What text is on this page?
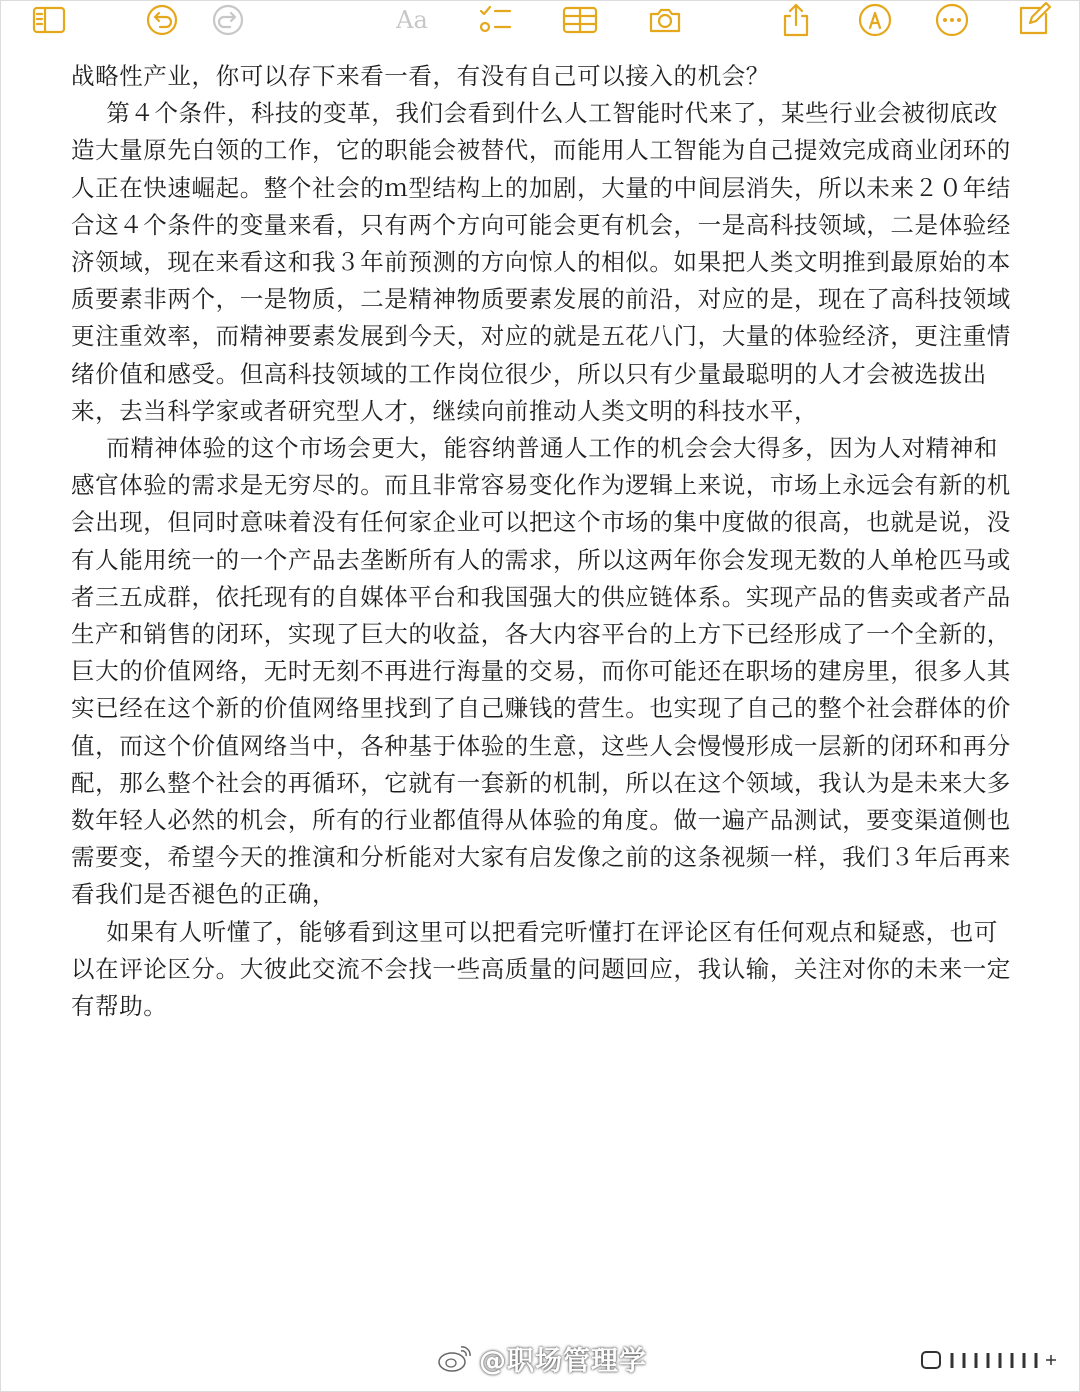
Aa

战略性产业，你可以存下来看一看，有没有自己可以接入的机会？

第４个条件，科技的变革，我们会看到什么人工智能时代来了，某些行业会被彻底改造大量原先白领的工作，它的职能会被替代，而能用人工智能为自己提效完成商业闭环的人正在快速崛起。整个社会的ｍ型结构上的加剧，大量的中间层消失，所以未来２０年结合这４个条件的变量来看，只有两个方向可能会更有机会，一是高科技领域，二是体验经济领域，现在来看这和我３年前预测的方向惊人的相似。如果把人类文明推到最原始的本质要素非两个，一是物质，二是精神物质要素发展的前沿，对应的是，现在了高科技领域更注重效率，而精神要素发展到今天，对应的就是五花八门，大量的体验经济，更注重情绪价值和感受。但高科技领域的工作岗位很少，所以只有少量最聪明的人才会被选拔出来，去当科学家或者研究型人才，继续向前推动人类文明的科技水平，

而精神体验的这个市场会更大，能容纳普通人工作的机会会大得多，因为人对精神和感官体验的需求是无穷尽的。而且非常容易变化作为逻辑上来说，市场上永远会有新的机会出现，但同时意味着没有任何家企业可以把这个市场的集中度做的很高，也就是说，没有人能用统一的一个产品去垄断所有人的需求，所以这两年你会发现无数的人单枪匹马或者三五成群，依托现有的自媒体平台和我国强大的供应链体系。实现产品的售卖或者产品生产和销售的闭环，实现了巨大的收益，各大内容平台的上方下已经形成了一个全新的，巨大的价值网络，无时无刻不再进行海量的交易，而你可能还在职场的建房里，很多人其实已经在这个新的价值网络里找到了自己赚钱的营生。也实现了自己的整个社会群体的价值，而这个价值网络当中，各种基于体验的生意，这些人会慢慢形成一层新的闭环和再分配，那么整个社会的再循环，它就有一套新的机制，所以在这个领域，我认为是未来大多数年轻人必然的机会，所有的行业都值得从体验的角度。做一遍产品测试，要变渠道侧也需要变，希望今天的推演和分析能对大家有启发像之前的这条视频一样，我们３年后再来看我们是否褪色的正确，

如果有人听懂了，能够看到这里可以把看完听懂打在评论区有任何观点和疑惑，也可以在评论区分。大彼此交流不会找一些高质量的问题回应，我认输，关注对你的未来一定有帮助。

@职场管理学
